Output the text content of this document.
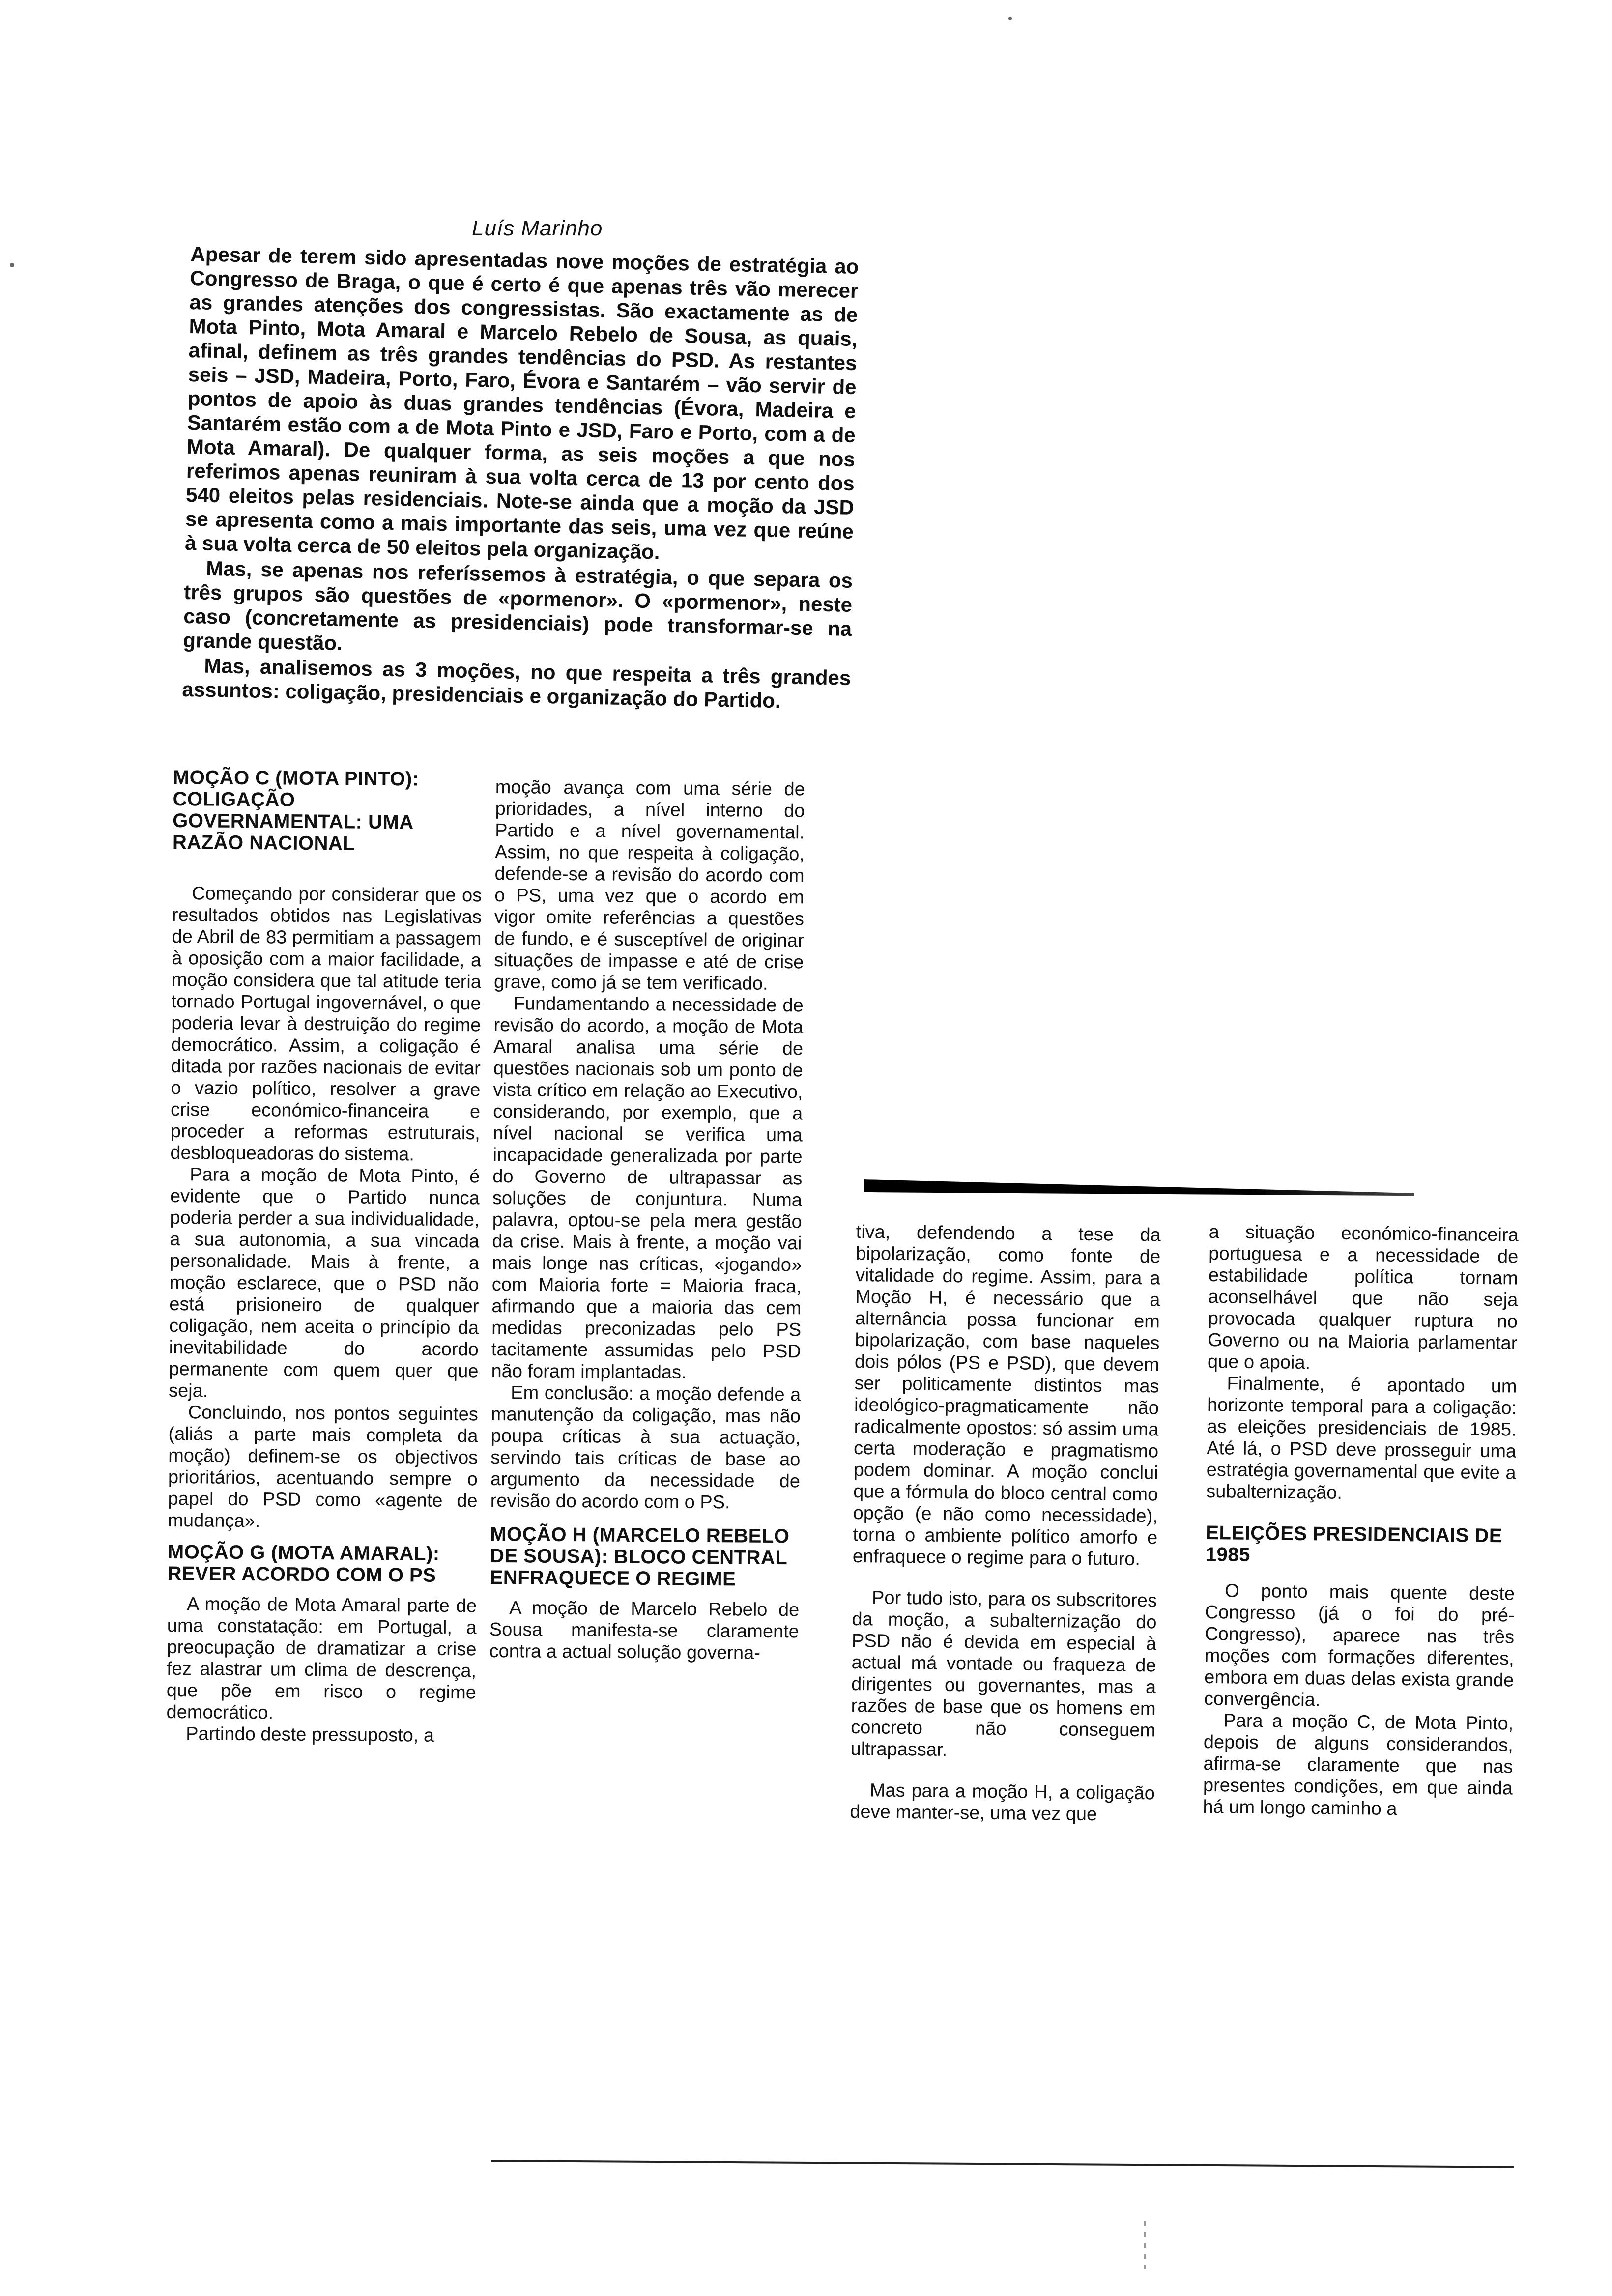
Luís Marinho

Apesar de terem sido apresentadas nove moções de estratégia ao Congresso de Braga, o que é certo é que apenas três vão merecer as grandes atenções dos congressistas. São exactamente as de Mota Pinto, Mota Amaral e Marcelo Rebelo de Sousa, as quais, afinal, definem as três grandes tendências do PSD. As restantes seis – JSD, Madeira, Porto, Faro, Évora e Santarém – vão servir de pontos de apoio às duas grandes tendências (Évora, Madeira e Santarém estão com a de Mota Pinto e JSD, Faro e Porto, com a de Mota Amaral). De qualquer forma, as seis moções a que nos referimos apenas reuniram à sua volta cerca de 13 por cento dos 540 eleitos pelas residenciais. Note-se ainda que a moção da JSD se apresenta como a mais importante das seis, uma vez que reúne à sua volta cerca de 50 eleitos pela organização.

Mas, se apenas nos referíssemos à estratégia, o que separa os três grupos são questões de «pormenor». O «pormenor», neste caso (concretamente as presidenciais) pode transformar-se na grande questão.

Mas, analisemos as 3 moções, no que respeita a três grandes assuntos: coligação, presidenciais e organização do Partido.

MOÇÃO C (MOTA PINTO): COLIGAÇÃO GOVERNAMENTAL: UMA RAZÃO NACIONAL

Começando por considerar que os resultados obtidos nas Legislativas de Abril de 83 permitiam a passagem à oposição com a maior facilidade, a moção considera que tal atitude teria tornado Portugal ingovernável, o que poderia levar à destruição do regime democrático. Assim, a coligação é ditada por razões nacionais de evitar o vazio político, resolver a grave crise económico-financeira e proceder a reformas estruturais, desbloqueadoras do sistema.

Para a moção de Mota Pinto, é evidente que o Partido nunca poderia perder a sua individualidade, a sua autonomia, a sua vincada personalidade. Mais à frente, a moção esclarece, que o PSD não está prisioneiro de qualquer coligação, nem aceita o princípio da inevitabilidade do acordo permanente com quem quer que seja.

Concluindo, nos pontos seguintes (aliás a parte mais completa da moção) definem-se os objectivos prioritários, acentuando sempre o papel do PSD como «agente de mudança».

MOÇÃO G (MOTA AMARAL): REVER ACORDO COM O PS

A moção de Mota Amaral parte de uma constatação: em Portugal, a preocupação de dramatizar a crise fez alastrar um clima de descrença, que põe em risco o regime democrático.

Partindo deste pressuposto, a

moção avança com uma série de prioridades, a nível interno do Partido e a nível governamental. Assim, no que respeita à coligação, defende-se a revisão do acordo com o PS, uma vez que o acordo em vigor omite referências a questões de fundo, e é susceptível de originar situações de impasse e até de crise grave, como já se tem verificado.

Fundamentando a necessidade de revisão do acordo, a moção de Mota Amaral analisa uma série de questões nacionais sob um ponto de vista crítico em relação ao Executivo, considerando, por exemplo, que a nível nacional se verifica uma incapacidade generalizada por parte do Governo de ultrapassar as soluções de conjuntura. Numa palavra, optou-se pela mera gestão da crise. Mais à frente, a moção vai mais longe nas críticas, «jogando» com Maioria forte = Maioria fraca, afirmando que a maioria das cem medidas preconizadas pelo PS tacitamente assumidas pelo PSD não foram implantadas.

Em conclusão: a moção defende a manutenção da coligação, mas não poupa críticas à sua actuação, servindo tais críticas de base ao argumento da necessidade de revisão do acordo com o PS.

MOÇÃO H (MARCELO REBELO DE SOUSA): BLOCO CENTRAL ENFRAQUECE O REGIME

A moção de Marcelo Rebelo de Sousa manifesta-se claramente contra a actual solução governa-

tiva, defendendo a tese da bipolarização, como fonte de vitalidade do regime. Assim, para a Moção H, é necessário que a alternância possa funcionar em bipolarização, com base naqueles dois pólos (PS e PSD), que devem ser politicamente distintos mas ideológico-pragmaticamente não radicalmente opostos: só assim uma certa moderação e pragmatismo podem dominar. A moção conclui que a fórmula do bloco central como opção (e não como necessidade), torna o ambiente político amorfo e enfraquece o regime para o futuro.

Por tudo isto, para os subscritores da moção, a subalternização do PSD não é devida em especial à actual má vontade ou fraqueza de dirigentes ou governantes, mas a razões de base que os homens em concreto não conseguem ultrapassar.

Mas para a moção H, a coligação deve manter-se, uma vez que

a situação económico-financeira portuguesa e a necessidade de estabilidade política tornam aconselhável que não seja provocada qualquer ruptura no Governo ou na Maioria parlamentar que o apoia.

Finalmente, é apontado um horizonte temporal para a coligação: as eleições presidenciais de 1985. Até lá, o PSD deve prosseguir uma estratégia governamental que evite a subalternização.

ELEIÇÕES PRESIDENCIAIS DE 1985

O ponto mais quente deste Congresso (já o foi do pré-Congresso), aparece nas três moções com formações diferentes, embora em duas delas exista grande convergência.

Para a moção C, de Mota Pinto, depois de alguns considerandos, afirma-se claramente que nas presentes condições, em que ainda há um longo caminho a
